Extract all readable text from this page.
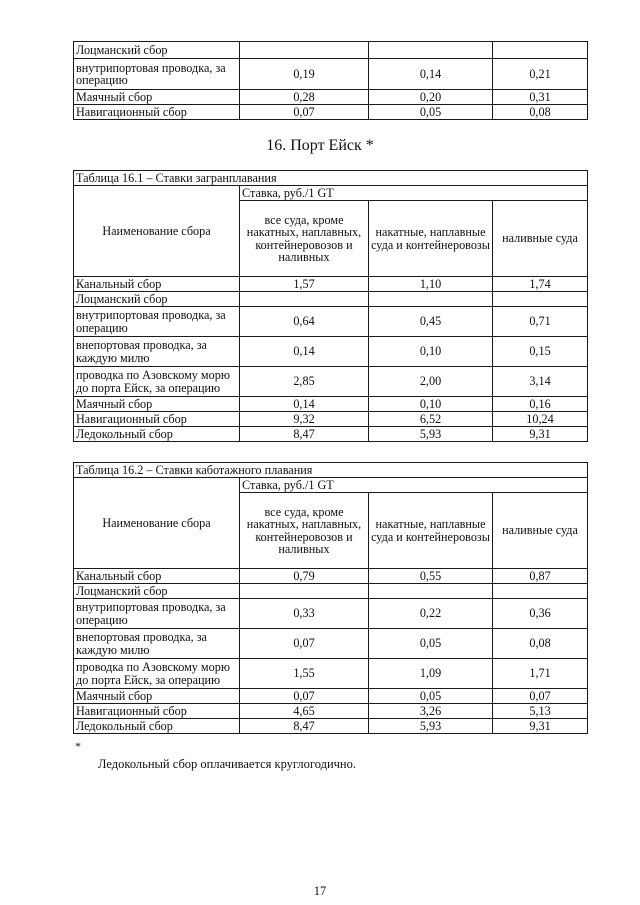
Лоцманский сбор			
внутрипортовая проводка, за операцию	0,19	0,14	0,21
Маячный сбор	0,28	0,20	0,31
Навигационный сбор	0,07	0,05	0,08
16. Порт Ейск *
Таблица 16.1 – Ставки загранплавания			
Наименование сбора	Ставка, руб./1 GT		
	все суда, кроме накатных, наплавных, контейнеровозов и наливных	накатные, наплавные суда и контейнеровозы	наливные суда
Канальный сбор	1,57	1,10	1,74
Лоцманский сбор			
внутрипортовая проводка, за операцию	0,64	0,45	0,71
внепортовая проводка, за каждую милю	0,14	0,10	0,15
проводка по Азовскому морю до порта Ейск, за операцию	2,85	2,00	3,14
Маячный сбор	0,14	0,10	0,16
Навигационный сбор	9,32	6,52	10,24
Ледокольный сбор	8,47	5,93	9,31
Таблица 16.2 – Ставки каботажного плавания			
Наименование сбора	Ставка, руб./1 GT		
	все суда, кроме накатных, наплавных, контейнеровозов и наливных	накатные, наплавные суда и контейнеровозы	наливные суда
Канальный сбор	0,79	0,55	0,87
Лоцманский сбор			
внутрипортовая проводка, за операцию	0,33	0,22	0,36
внепортовая проводка, за каждую милю	0,07	0,05	0,08
проводка по Азовскому морю до порта Ейск, за операцию	1,55	1,09	1,71
Маячный сбор	0,07	0,05	0,07
Навигационный сбор	4,65	3,26	5,13
Ледокольный сбор	8,47	5,93	9,31
*
Ледокольный сбор оплачивается круглогодично.
17
